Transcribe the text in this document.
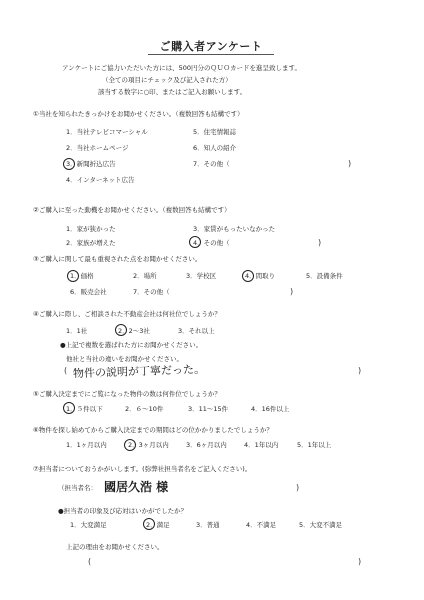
ご購入者アンケート
アンケートにご協力いただいた方には、500円分のＱＵＯカードを進呈致します。
（全ての項目にチェック及び記入された方）
該当する数字に○印、またはご記入お願いします。
①当社を知られたきっかけをお聞かせください。（複数回答も結構です）
1．当社テレビコマーシャル	5．住宅情報誌
2．当社ホームページ	6．知人の紹介
3．新聞折込広告	7．その他（	)
4．インターネット広告
②ご購入に至った動機をお聞かせください。（複数回答も結構です）
1．家が狭かった	3．家賃がもったいなかった
2．家族が増えた	4．その他（	)
③ご購入に関して最も重視された点をお聞かせください。
1．価格	2．場所	3．学校区	4．間取り	5．設備条件
6．販売会社	7．その他（	)
④ご購入に際し、ご相談された不動産会社は何社位でしょうか？
1．1社	2．2～3社	3．それ以上
●上記で複数を選ばれた方にお聞かせください。
他社と当社の違いをお聞かせください。
( 物件の説明が丁寧だった。	)
⑤ご購入決定までにご覧になった物件の数は何件位でしょうか？
1．５件以下	2．６～10件	3．11～15件	4．16件以上
⑥物件を探し始めてからご購入決定までの期間はどの位かかりましたでしょうか？
1．1ヶ月以内	2．3ヶ月以内	3．6ヶ月以内	4．1年以内	5．1年以上
⑦担当者についておうかがいします。(弥弊社担当者名をご記入ください)。
（担当者名： 國居久浩 様	)
●担当者の印象及び応対はいかがでしたか？
1．大変満足	2．満足	3．普通	4．不満足	5．大変不満足
上記の理由をお聞かせください。
(	)
